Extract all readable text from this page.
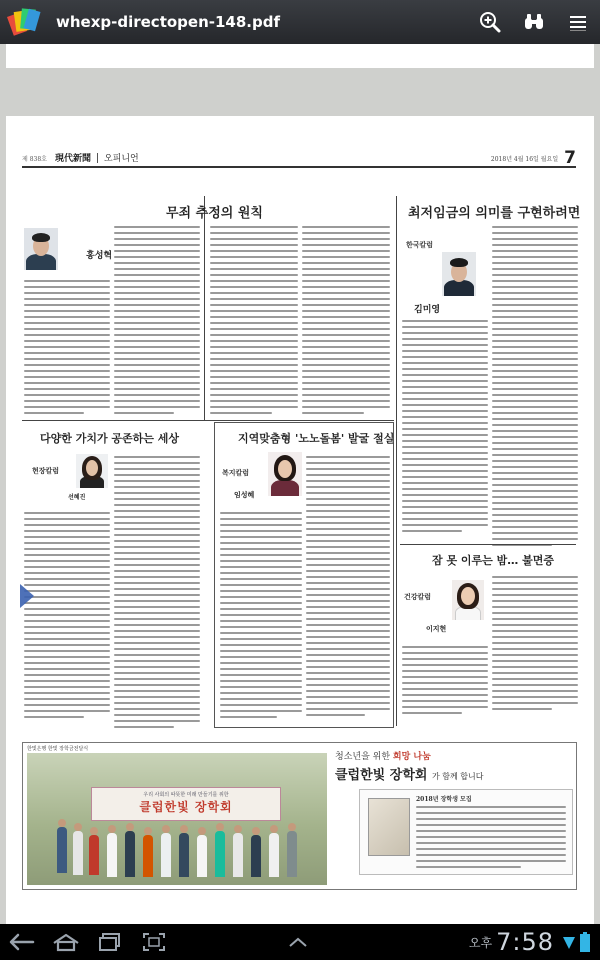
whexp-directopen-148.pdf
제 838호 現代新聞 오피니언	2018년 4월 16일 월요일 7
무죄 추정의 원칙
홍성혁
최저임금의 의미를 구현하려면
한국칼럼
김미영
다양한 가치가 공존하는 세상
현장칼럼
선혜진
지역맞춤형 '노노돌봄' 발굴 절실
복지칼럼
임성혜
잠 못 이루는 밤… 불면증
건강칼럼
이지현
한빛은행 한빛 장학금전달식
우리 사회의 따뜻한 미래 만들기를 위한
클럽한빛 장학회
청소년을 위한 희망 나눔
클럽한빛 장학회 가 함께 합니다
2018년 장학생 모집
오후 7:58
